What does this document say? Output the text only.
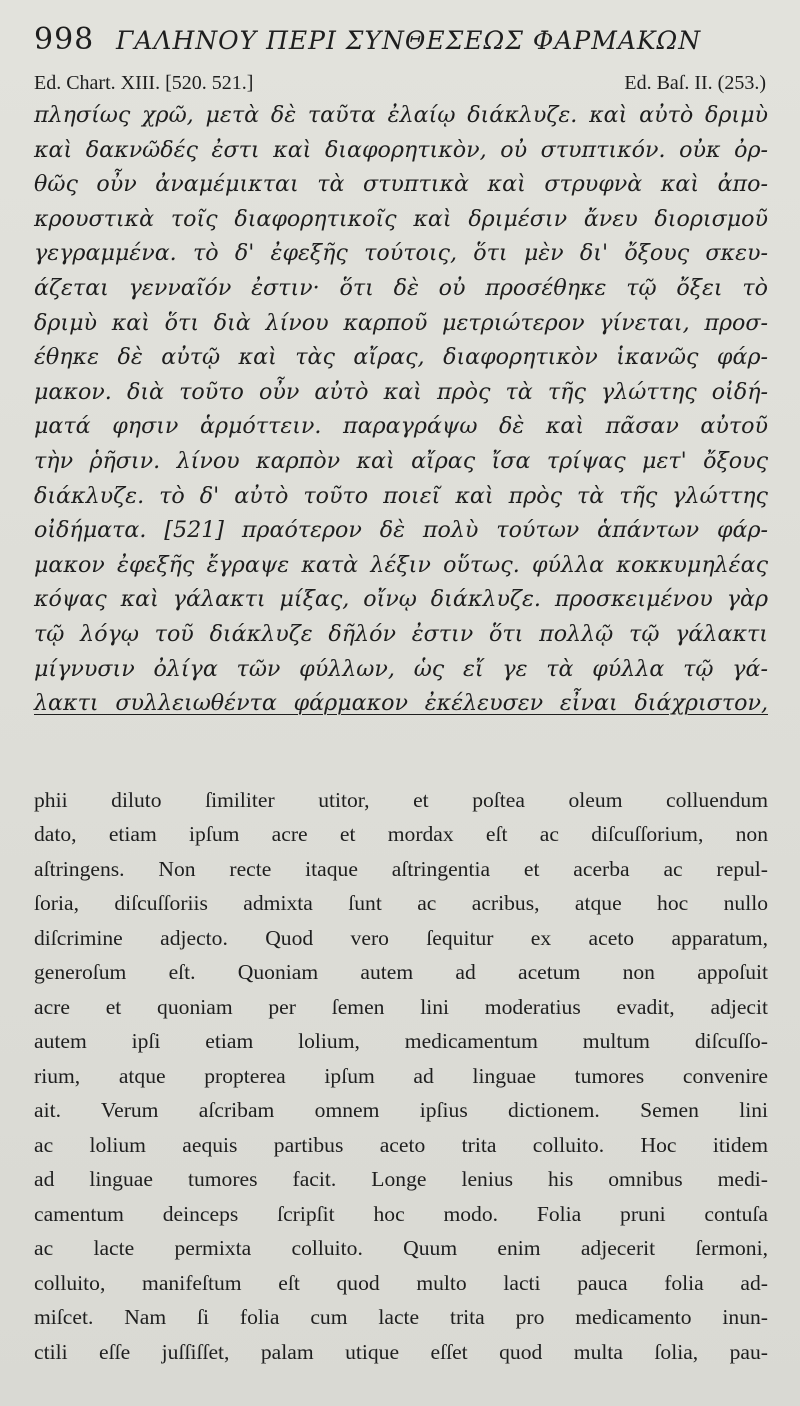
998 ΓΑΛΗΝΟΥ ΠΕΡΙ ΣΥΝΘΕΣΕΩΣ ΦΑΡΜΑΚΩΝ
Ed. Chart. XIII. [520. 521.]	Ed. Baſ. II. (253.)
πλησίως χρῶ, μετὰ δὲ ταῦτα ἐλαίῳ διάκλυζε. καὶ αὐτὸ δριμὺ
καὶ δακνῶδές ἐστι καὶ διαφορητικὸν, οὐ στυπτικόν. οὐκ ὀρ-
θῶς οὖν ἀναμέμικται τὰ στυπτικὰ καὶ στρυφνὰ καὶ ἀπο-
κρουστικὰ τοῖς διαφορητικοῖς καὶ δριμέσιν ἄνευ διορισμοῦ
γεγραμμένα. τὸ δ' ἐφεξῆς τούτοις, ὅτι μὲν δι' ὄξους σκευ-
άζεται γενναῖόν ἐστιν· ὅτι δὲ οὐ προσέθηκε τῷ ὄξει τὸ
δριμὺ καὶ ὅτι διὰ λίνου καρποῦ μετριώτερον γίνεται, προσ-
έθηκε δὲ αὐτῷ καὶ τὰς αἴρας, διαφορητικὸν ἱκανῶς φάρ-
μακον. διὰ τοῦτο οὖν αὐτὸ καὶ πρὸς τὰ τῆς γλώττης οἰδή-
ματά φησιν ἁρμόττειν. παραγράψω δὲ καὶ πᾶσαν αὐτοῦ
τὴν ῥῆσιν. λίνου καρπὸν καὶ αἴρας ἴσα τρίψας μετ' ὄξους
διάκλυζε. τὸ δ' αὐτὸ τοῦτο ποιεῖ καὶ πρὸς τὰ τῆς γλώττης
οἰδήματα. [521] πραότερον δὲ πολὺ τούτων ἁπάντων φάρ-
μακον ἐφεξῆς ἔγραψε κατὰ λέξιν οὕτως. φύλλα κοκκυμηλέας
κόψας καὶ γάλακτι μίξας, οἴνῳ διάκλυζε. προσκειμένου γὰρ
τῷ λόγῳ τοῦ διάκλυζε δῆλόν ἐστιν ὅτι πολλῷ τῷ γάλακτι
μίγνυσιν ὀλίγα τῶν φύλλων, ὡς εἴ γε τὰ φύλλα τῷ γά-
λακτι συλλειωθέντα φάρμακον ἐκέλευσεν εἶναι διάχριστον,
phii diluto ſimiliter utitor, et poſtea oleum colluendum
dato, etiam ipſum acre et mordax eſt ac diſcuſſorium, non
aſtringens. Non recte itaque aſtringentia et acerba ac repul-
ſoria, diſcuſſoriis admixta ſunt ac acribus, atque hoc nullo
diſcrimine adjecto. Quod vero ſequitur ex aceto apparatum,
generoſum eſt. Quoniam autem ad acetum non appoſuit
acre et quoniam per ſemen lini moderatius evadit, adjecit
autem ipſi etiam lolium, medicamentum multum diſcuſſo-
rium, atque propterea ipſum ad linguae tumores convenire
ait. Verum aſcribam omnem ipſius dictionem. Semen lini
ac lolium aequis partibus aceto trita colluito. Hoc itidem
ad linguae tumores facit. Longe lenius his omnibus medi-
camentum deinceps ſcripſit hoc modo. Folia pruni contuſa
ac lacte permixta colluito. Quum enim adjecerit ſermoni,
colluito, manifeſtum eſt quod multo lacti pauca folia ad-
miſcet. Nam ſi folia cum lacte trita pro medicamento inun-
ctili eſſe juſſiſſet, palam utique eſſet quod multa ſolia, pau-
